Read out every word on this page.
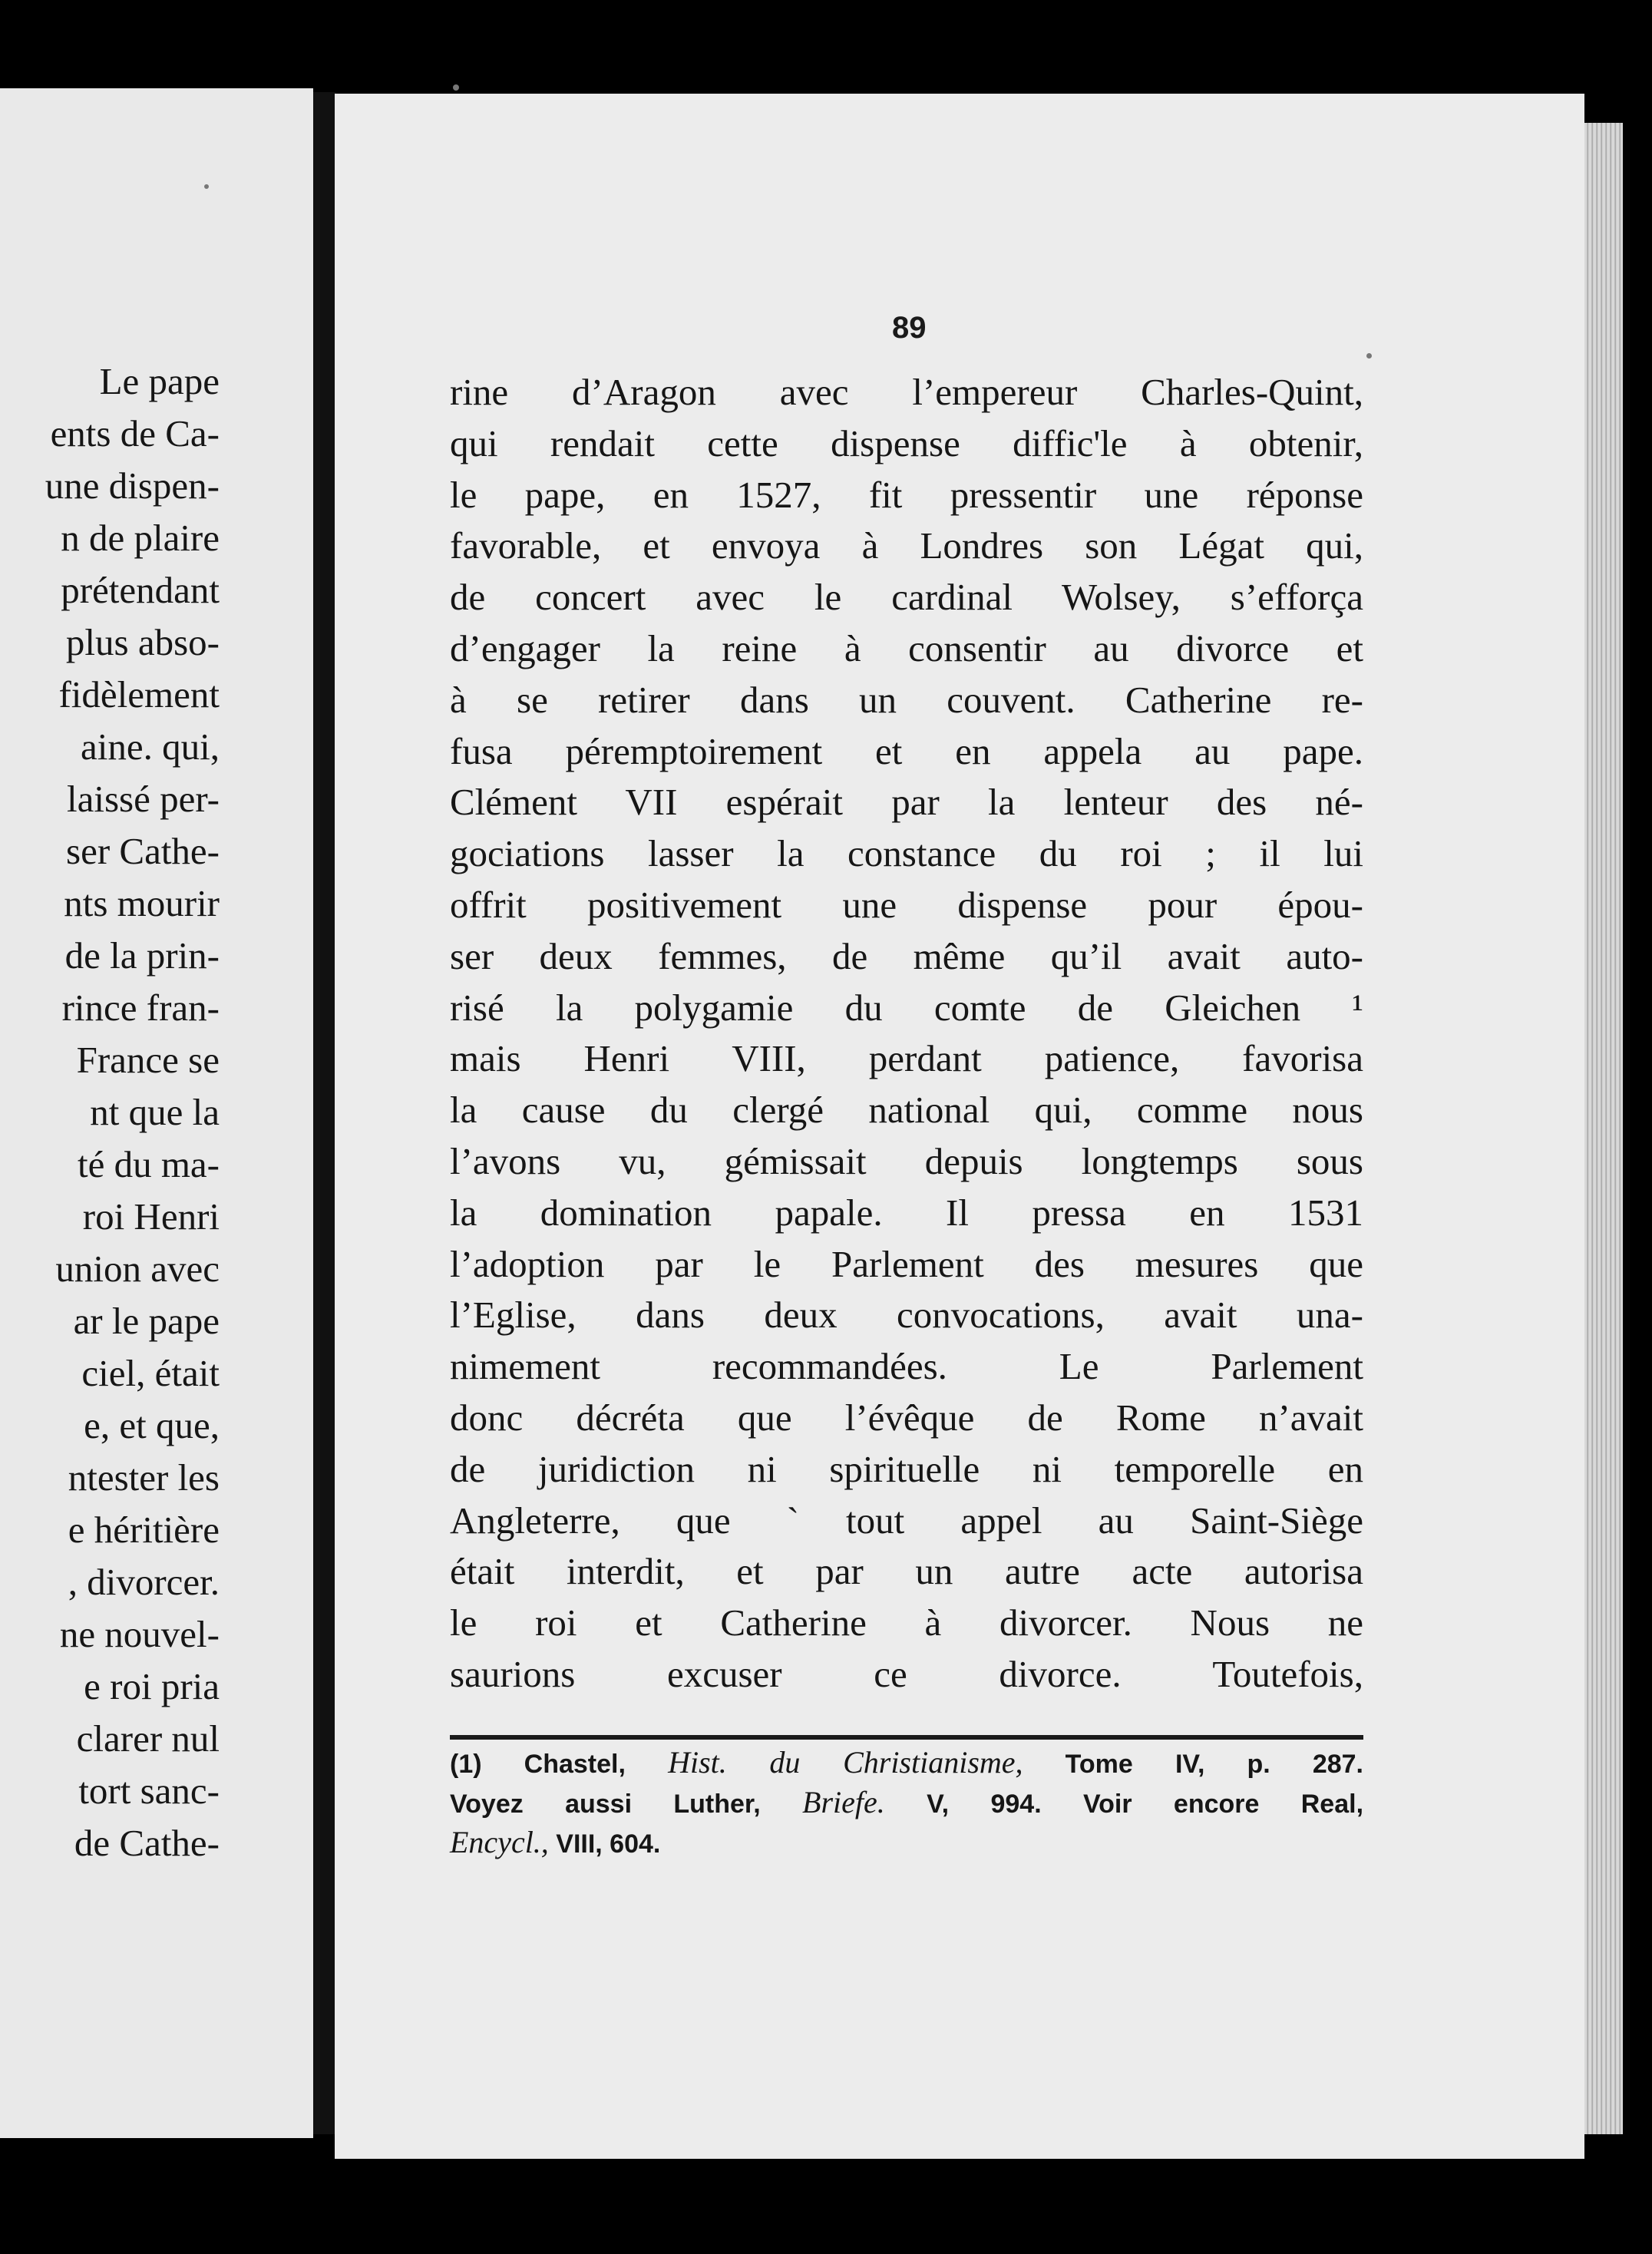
Le pape
ents de Ca-
une dispen-
n de plaire
prétendant
plus abso-
fidèlement
aine. qui,
laissé per-
ser Cathe-
nts mourir
de la prin-
rince fran-
France se
nt que la
té du ma-
roi Henri
union avec
ar le pape
ciel, était
e, et que,
ntester les
e héritière
, divorcer.
ne nouvel-
e roi pria
clarer nul
tort sanc-
de Cathe-
89
rine d’Aragon avec l’empereur Charles-Quint,
qui rendait cette dispense diffic'le à obtenir,
le pape, en 1527, fit pressentir une réponse
favorable, et envoya à Londres son Légat qui,
de concert avec le cardinal Wolsey, s’efforça
d’engager la reine à consentir au divorce et
à se retirer dans un couvent. Catherine re-
fusa péremptoirement et en appela au pape.
Clément VII espérait par la lenteur des né-
gociations lasser la constance du roi ; il lui
offrit positivement une dispense pour épou-
ser deux femmes, de même qu’il avait auto-
risé la polygamie du comte de Gleichen ¹
mais Henri VIII, perdant patience, favorisa
la cause du clergé national qui, comme nous
l’avons vu, gémissait depuis longtemps sous
la domination papale. Il pressa en 1531
l’adoption par le Parlement des mesures que
l’Eglise, dans deux convocations, avait una-
nimement recommandées. Le Parlement
donc décréta que l’évêque de Rome n’avait
de juridiction ni spirituelle ni temporelle en
Angleterre, que ˋtout appel au Saint-Siège
était interdit, et par un autre acte autorisa
le roi et Catherine à divorcer. Nous ne
saurions excuser ce divorce. Toutefois,
(1) Chastel, Hist. du Christianisme, Tome IV, p. 287.
Voyez aussi Luther, Briefe. V, 994. Voir encore Real,
Encycl., VIII, 604.
